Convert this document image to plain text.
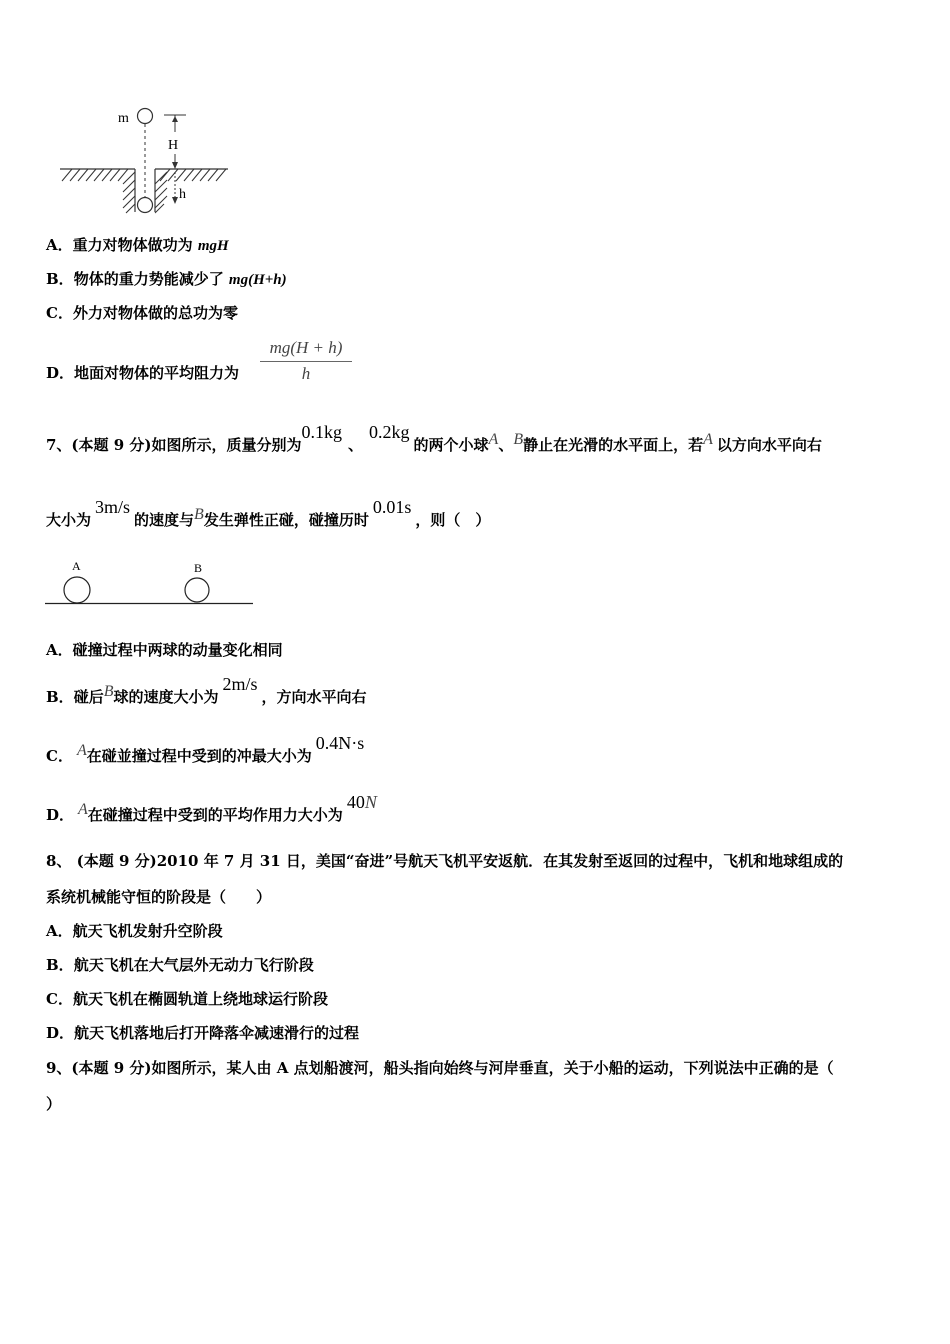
m
H
h
A．重力对物体做功为 mgH
B．物体的重力势能减少了 mg(H+h)
C．外力对物体做的总功为零
D．地面对物体的平均阻力为
mg(H + h)
h
7、(本题 9 分)如图所示，质量分别为0.1kg、0.2kg的两个小球A、B静止在光滑的水平面上，若A 以方向水平向右
大小为3m/s的速度与B发生弹性正碰，碰撞历时0.01s，则（　）
A	B
A．碰撞过程中两球的动量变化相同
B．碰后B球的速度大小为2m/s，方向水平向右
C． A在碰並撞过程中受到的冲最大小为0.4N·s
D． A在碰撞过程中受到的平均作用力大小为40N
8、 (本题 9 分)2010 年 7 月 31 日，美国“奋进”号航天飞机平安返航．在其发射至返回的过程中，飞机和地球组成的
系统机械能守恒的阶段是（　　）
A．航天飞机发射升空阶段
B．航天飞机在大气层外无动力飞行阶段
C．航天飞机在椭圆轨道上绕地球运行阶段
D．航天飞机落地后打开降落伞减速滑行的过程
9、(本题 9 分)如图所示，某人由 A 点划船渡河，船头指向始终与河岸垂直，关于小船的运动，下列说法中正确的是（
）
